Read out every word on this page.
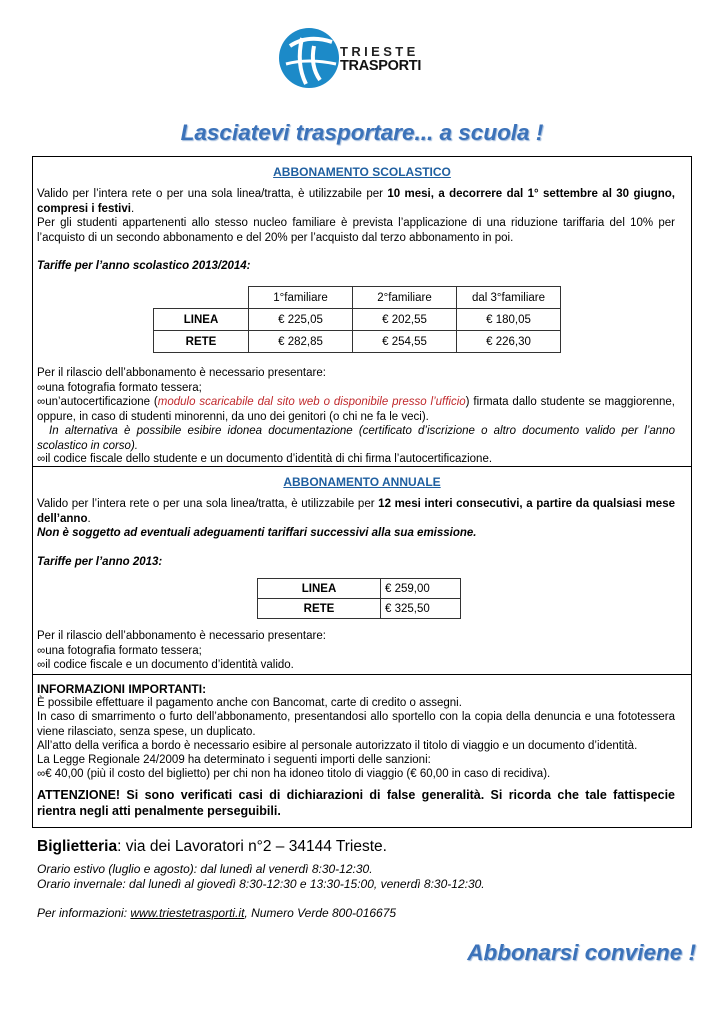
TRIESTE
TRASPORTI
Lasciatevi trasportare... a scuola !
ABBONAMENTO SCOLASTICO
Valido per l’intera rete o per una sola linea/tratta, è utilizzabile per 10 mesi, a decorrere dal 1° settembre al 30 giugno, compresi i festivi.
Per gli studenti appartenenti allo stesso nucleo familiare è prevista l’applicazione di una riduzione tariffaria del 10% per l’acquisto di un secondo abbonamento e del 20% per l’acquisto dal terzo abbonamento in poi.
Tariffe per l’anno scolastico 2013/2014:
	1°familiare	2°familiare	dal 3°familiare
LINEA	€ 225,05	€ 202,55	€ 180,05
RETE	€ 282,85	€ 254,55	€ 226,30
Per il rilascio dell’abbonamento è necessario presentare:
∞una fotografia formato tessera;
∞un’autocertificazione (modulo scaricabile dal sito web o disponibile presso l’ufficio) firmata dallo studente se maggiorenne, oppure, in caso di studenti minorenni, da uno dei genitori (o chi ne fa le veci).
In alternativa è possibile esibire idonea documentazione (certificato d’iscrizione o altro documento valido per l’anno scolastico in corso).
∞il codice fiscale dello studente e un documento d’identità di chi firma l’autocertificazione.
ABBONAMENTO ANNUALE
Valido per l’intera rete o per una sola linea/tratta, è utilizzabile per 12 mesi interi consecutivi, a partire da qualsiasi mese dell’anno.
Non è soggetto ad eventuali adeguamenti tariffari successivi alla sua emissione.
Tariffe per l’anno 2013:
LINEA	€ 259,00
RETE	€ 325,50
Per il rilascio dell’abbonamento è necessario presentare:
∞una fotografia formato tessera;
∞il codice fiscale e un documento d’identità valido.
INFORMAZIONI IMPORTANTI:
È possibile effettuare il pagamento anche con Bancomat, carte di credito o assegni.
In caso di smarrimento o furto dell’abbonamento, presentandosi allo sportello con la copia della denuncia e una fototessera viene rilasciato, senza spese, un duplicato.
All’atto della verifica a bordo è necessario esibire al personale autorizzato il titolo di viaggio e un documento d’identità.
La Legge Regionale 24/2009 ha determinato i seguenti importi delle sanzioni:
∞€ 40,00 (più il costo del biglietto) per chi non ha idoneo titolo di viaggio (€ 60,00 in caso di recidiva).
ATTENZIONE! Si sono verificati casi di dichiarazioni di false generalità. Si ricorda che tale fattispecie rientra negli atti penalmente perseguibili.
Biglietteria: via dei Lavoratori n°2 – 34144 Trieste.
Orario estivo (luglio e agosto): dal lunedì al venerdì 8:30-12:30.
Orario invernale: dal lunedì al giovedì 8:30-12:30 e 13:30-15:00, venerdì 8:30-12:30.
Per informazioni: www.triestetrasporti.it, Numero Verde 800-016675
Abbonarsi conviene !
